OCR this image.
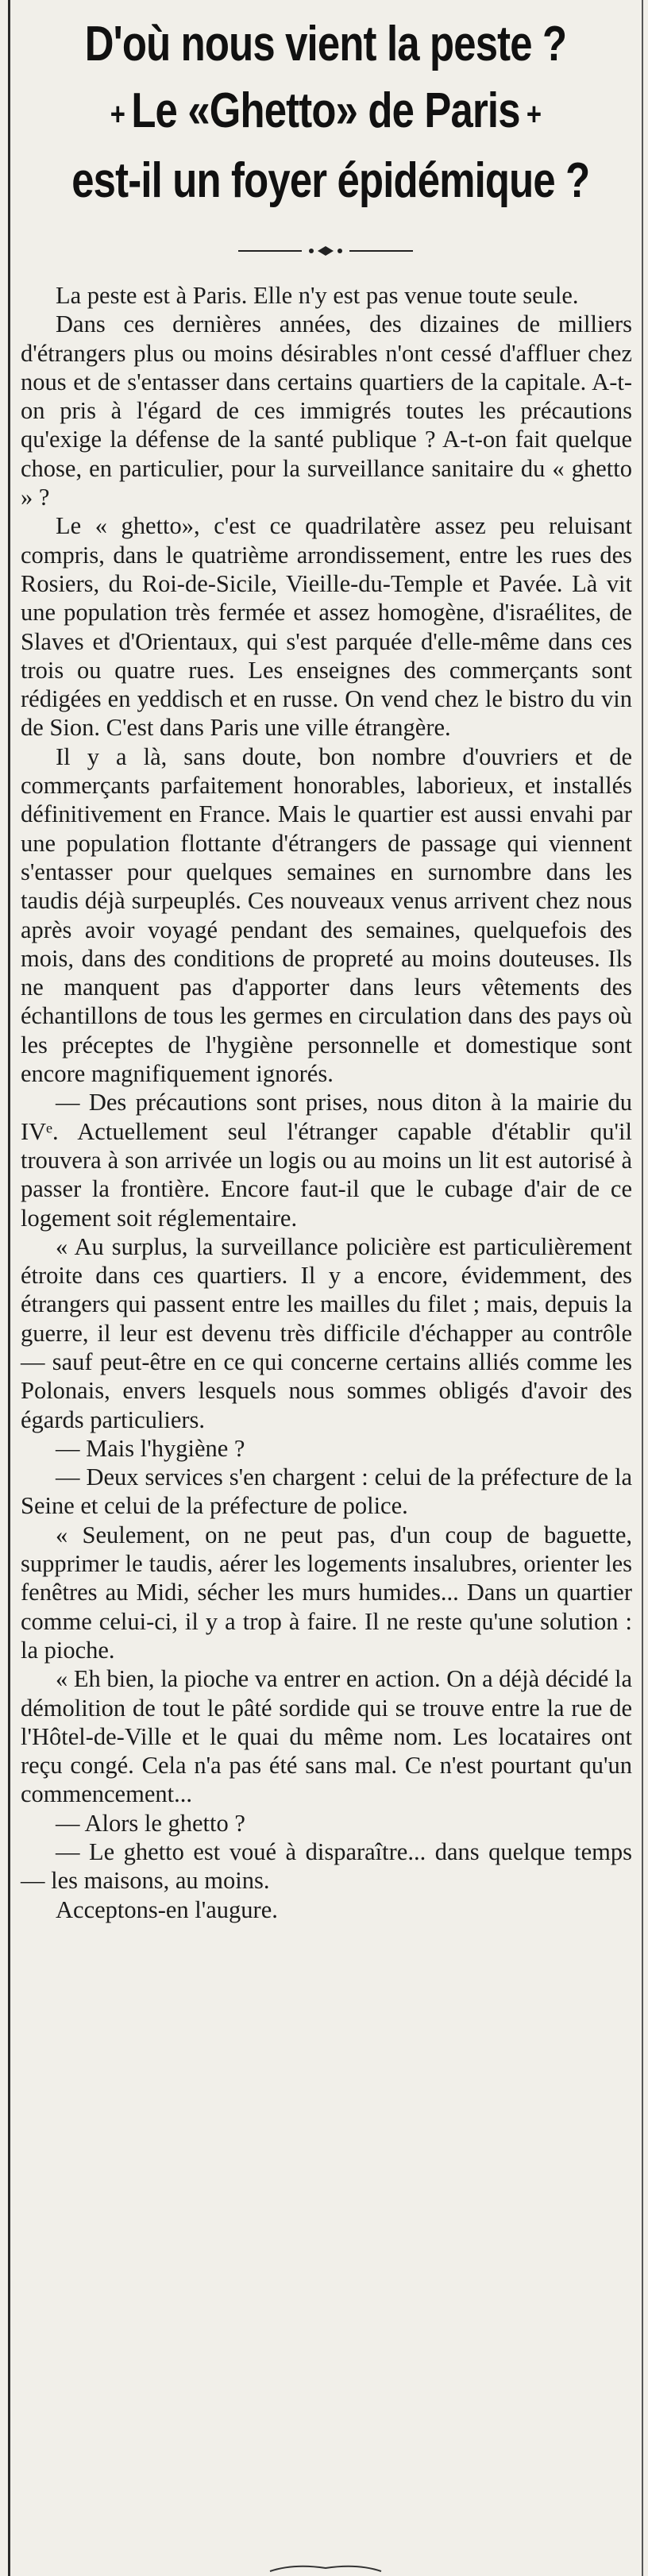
D'où nous vient la peste ?
+ Le «Ghetto» de Paris +
est-il un foyer épidémique ?

La peste est à Paris. Elle n'y est pas venue toute seule.

Dans ces dernières années, des dizaines de milliers d'étrangers plus ou moins désirables n'ont cessé d'affluer chez nous et de s'entasser dans certains quartiers de la capitale. A-t-on pris à l'égard de ces immigrés toutes les précautions qu'exige la défense de la santé publique ? A-t-on fait quelque chose, en particulier, pour la surveillance sanitaire du « ghetto » ?

Le « ghetto», c'est ce quadrilatère assez peu reluisant compris, dans le quatrième arrondissement, entre les rues des Rosiers, du Roi-de-Sicile, Vieille-du-Temple et Pavée. Là vit une population très fermée et assez homogène, d'israélites, de Slaves et d'Orientaux, qui s'est parquée d'elle-même dans ces trois ou quatre rues. Les enseignes des commerçants sont rédigées en yeddisch et en russe. On vend chez le bistro du vin de Sion. C'est dans Paris une ville étrangère.

Il y a là, sans doute, bon nombre d'ouvriers et de commerçants parfaitement honorables, laborieux, et installés définitivement en France. Mais le quartier est aussi envahi par une population flottante d'étrangers de passage qui viennent s'entasser pour quelques semaines en surnombre dans les taudis déjà surpeuplés. Ces nouveaux venus arrivent chez nous après avoir voyagé pendant des semaines, quelquefois des mois, dans des conditions de propreté au moins douteuses. Ils ne manquent pas d'apporter dans leurs vêtements des échantillons de tous les germes en circulation dans des pays où les préceptes de l'hygiène personnelle et domestique sont encore magnifiquement ignorés.

— Des précautions sont prises, nous diton à la mairie du IVᵉ. Actuellement seul l'étranger capable d'établir qu'il trouvera à son arrivée un logis ou au moins un lit est autorisé à passer la frontière. Encore faut-il que le cubage d'air de ce logement soit réglementaire.

« Au surplus, la surveillance policière est particulièrement étroite dans ces quartiers. Il y a encore, évidemment, des étrangers qui passent entre les mailles du filet ; mais, depuis la guerre, il leur est devenu très difficile d'échapper au contrôle — sauf peut-être en ce qui concerne certains alliés comme les Polonais, envers lesquels nous sommes obligés d'avoir des égards particuliers.

— Mais l'hygiène ?

— Deux services s'en chargent : celui de la préfecture de la Seine et celui de la préfecture de police.

« Seulement, on ne peut pas, d'un coup de baguette, supprimer le taudis, aérer les logements insalubres, orienter les fenêtres au Midi, sécher les murs humides... Dans un quartier comme celui-ci, il y a trop à faire. Il ne reste qu'une solution : la pioche.

« Eh bien, la pioche va entrer en action. On a déjà décidé la démolition de tout le pâté sordide qui se trouve entre la rue de l'Hôtel-de-Ville et le quai du même nom. Les locataires ont reçu congé. Cela n'a pas été sans mal. Ce n'est pourtant qu'un commencement...

— Alors le ghetto ?

— Le ghetto est voué à disparaître... dans quelque temps — les maisons, au moins.

Acceptons-en l'augure.
